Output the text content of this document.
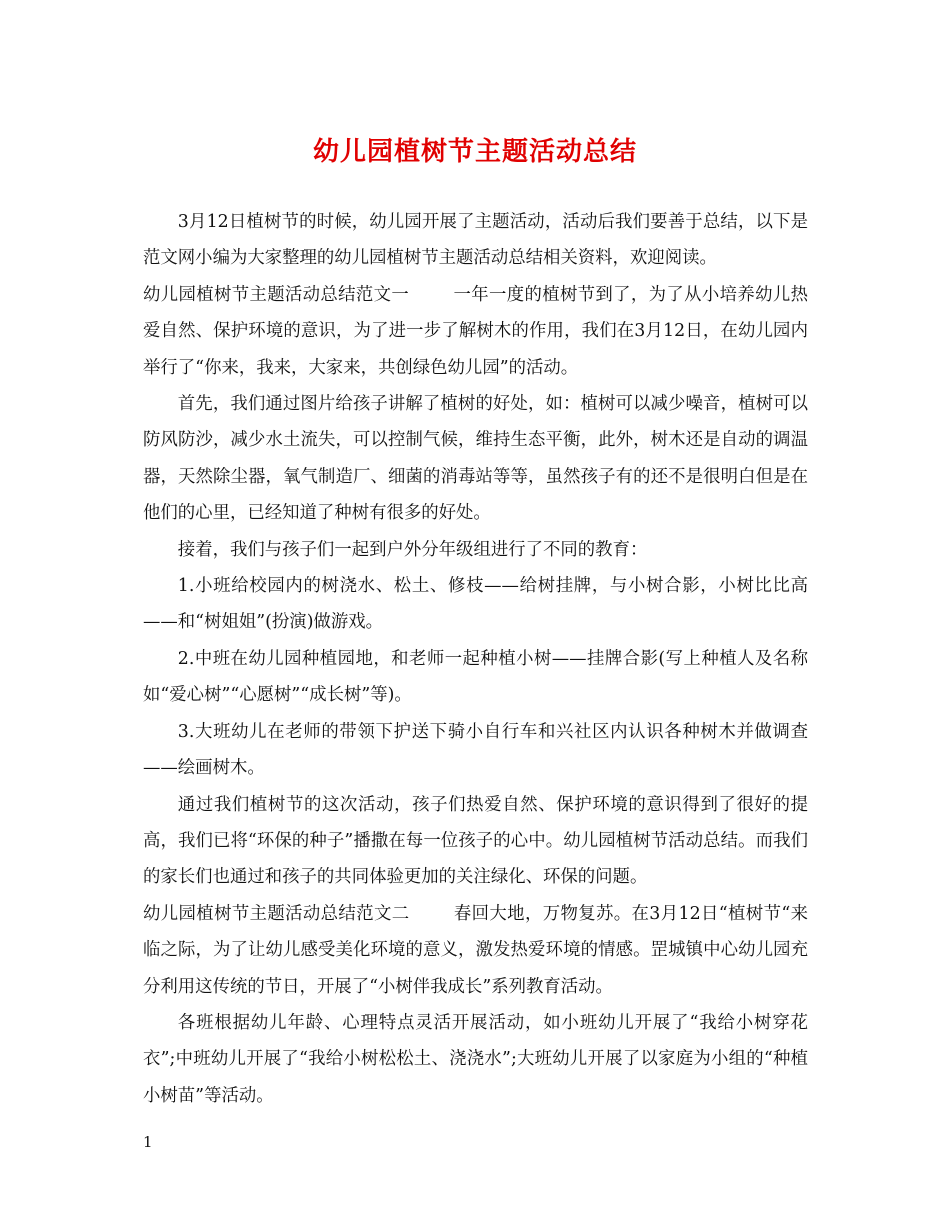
幼儿园植树节主题活动总结

3月12日植树节的时候，幼儿园开展了主题活动，活动后我们要善于总结，以下是范文网小编为大家整理的幼儿园植树节主题活动总结相关资料，欢迎阅读。

幼儿园植树节主题活动总结范文一	一年一度的植树节到了，为了从小培养幼儿热爱自然、保护环境的意识，为了进一步了解树木的作用，我们在3月12日，在幼儿园内举行了“你来，我来，大家来，共创绿色幼儿园”的活动。

首先，我们通过图片给孩子讲解了植树的好处，如：植树可以减少噪音，植树可以防风防沙，减少水土流失，可以控制气候，维持生态平衡，此外，树木还是自动的调温器，天然除尘器，氧气制造厂、细菌的消毒站等等，虽然孩子有的还不是很明白但是在他们的心里，已经知道了种树有很多的好处。

接着，我们与孩子们一起到户外分年级组进行了不同的教育：

1.小班给校园内的树浇水、松土、修枝——给树挂牌，与小树合影，小树比比高——和“树姐姐”(扮演)做游戏。

2.中班在幼儿园种植园地，和老师一起种植小树——挂牌合影(写上种植人及名称如“爱心树”“心愿树”“成长树”等)。

3.大班幼儿在老师的带领下护送下骑小自行车和兴社区内认识各种树木并做调查——绘画树木。

通过我们植树节的这次活动，孩子们热爱自然、保护环境的意识得到了很好的提高，我们已将“环保的种子”播撒在每一位孩子的心中。幼儿园植树节活动总结。而我们的家长们也通过和孩子的共同体验更加的关注绿化、环保的问题。

幼儿园植树节主题活动总结范文二	春回大地，万物复苏。在3月12日“植树节“来临之际，为了让幼儿感受美化环境的意义，激发热爱环境的情感。罡城镇中心幼儿园充分利用这传统的节日，开展了“小树伴我成长”系列教育活动。

各班根据幼儿年龄、心理特点灵活开展活动，如小班幼儿开展了“我给小树穿花衣”;中班幼儿开展了“我给小树松松土、浇浇水”;大班幼儿开展了以家庭为小组的“种植小树苗”等活动。

1
